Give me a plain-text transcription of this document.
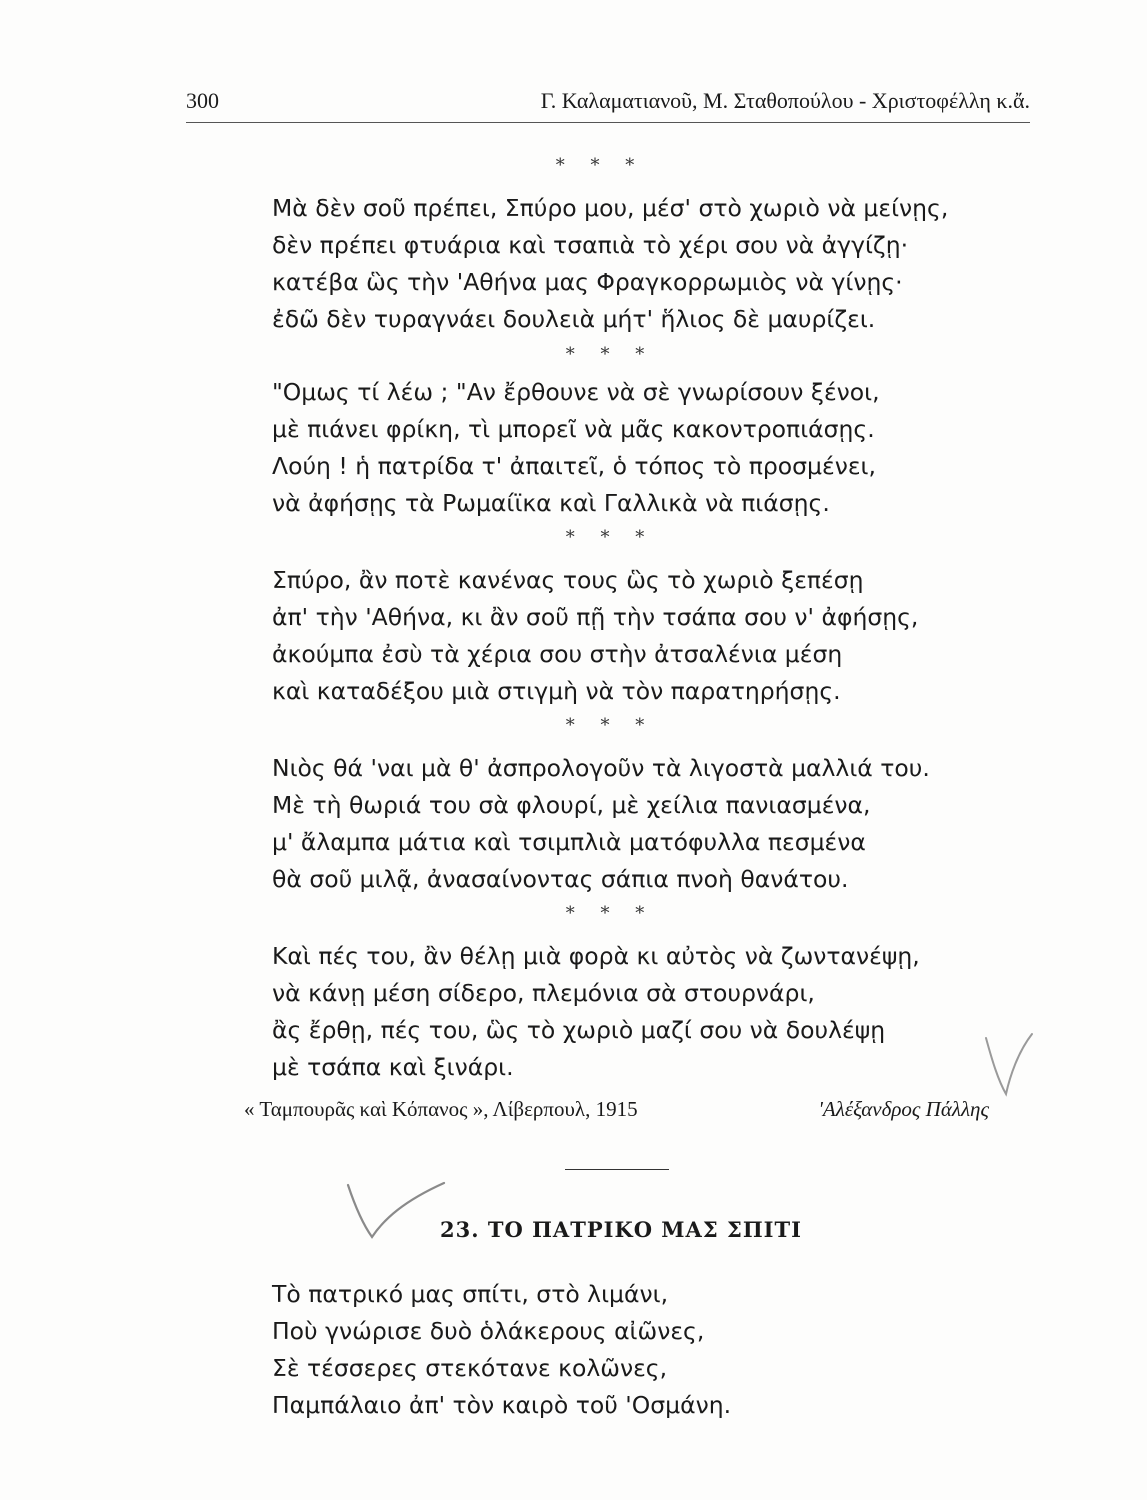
300	Γ. Καλαματιανοῦ, Μ. Σταθοπούλου - Χριστοφέλλη κ.ἄ.
* * *
Μὰ δὲν σοῦ πρέπει, Σπύρο μου, μέσ' στὸ χωριὸ νὰ μείνῃς,
δὲν πρέπει φτυάρια καὶ τσαπιὰ τὸ χέρι σου νὰ ἀγγίζῃ·
κατέβα ὣς τὴν 'Αθήνα μας Φραγκορρωμιὸς νὰ γίνῃς·
ἐδῶ δὲν τυραγνάει δουλειὰ μήτ' ἥλιος δὲ μαυρίζει.
* * *
"Ομως τί λέω ; "Αν ἔρθουνε νὰ σὲ γνωρίσουν ξένοι,
μὲ πιάνει φρίκη, τὶ μπορεῖ νὰ μᾶς κακοντροπιάσῃς.
Λούη ! ἡ πατρίδα τ' ἀπαιτεῖ, ὁ τόπος τὸ προσμένει,
νὰ ἀφήσῃς τὰ Ρωμαίϊκα καὶ Γαλλικὰ νὰ πιάσῃς.
* * *
Σπύρο, ἂν ποτὲ κανένας τους ὣς τὸ χωριὸ ξεπέσῃ
ἀπ' τὴν 'Αθήνα, κι ἂν σοῦ πῇ τὴν τσάπα σου ν' ἀφήσῃς,
ἀκούμπα ἐσὺ τὰ χέρια σου στὴν ἀτσαλένια μέση
καὶ καταδέξου μιὰ στιγμὴ νὰ τὸν παρατηρήσῃς.
* * *
Νιὸς θά 'ναι μὰ θ' ἀσπρολογοῦν τὰ λιγοστὰ μαλλιά του.
Μὲ τὴ θωριά του σὰ φλουρί, μὲ χείλια πανιασμένα,
μ' ἄλαμπα μάτια καὶ τσιμπλιὰ ματόφυλλα πεσμένα
θὰ σοῦ μιλᾷ, ἀνασαίνοντας σάπια πνοὴ θανάτου.
* * *
Καὶ πές του, ἂν θέλῃ μιὰ φορὰ κι αὐτὸς νὰ ζωντανέψῃ,
νὰ κάνῃ μέση σίδερο, πλεμόνια σὰ στουρνάρι,
ἂς ἔρθῃ, πές του, ὣς τὸ χωριὸ μαζί σου νὰ δουλέψῃ
μὲ τσάπα καὶ ξινάρι.
« Ταμπουρᾶς καὶ Κόπανος », Λίβερπουλ, 1915	'Αλέξανδρος Πάλλης
23. ΤΟ ΠΑΤΡΙΚΟ ΜΑΣ ΣΠΙΤΙ
Τὸ πατρικό μας σπίτι, στὸ λιμάνι,
Ποὺ γνώρισε δυὸ ὁλάκερους αἰῶνες,
Σὲ τέσσερες στεκότανε κολῶνες,
Παμπάλαιο ἀπ' τὸν καιρὸ τοῦ 'Οσμάνη.
